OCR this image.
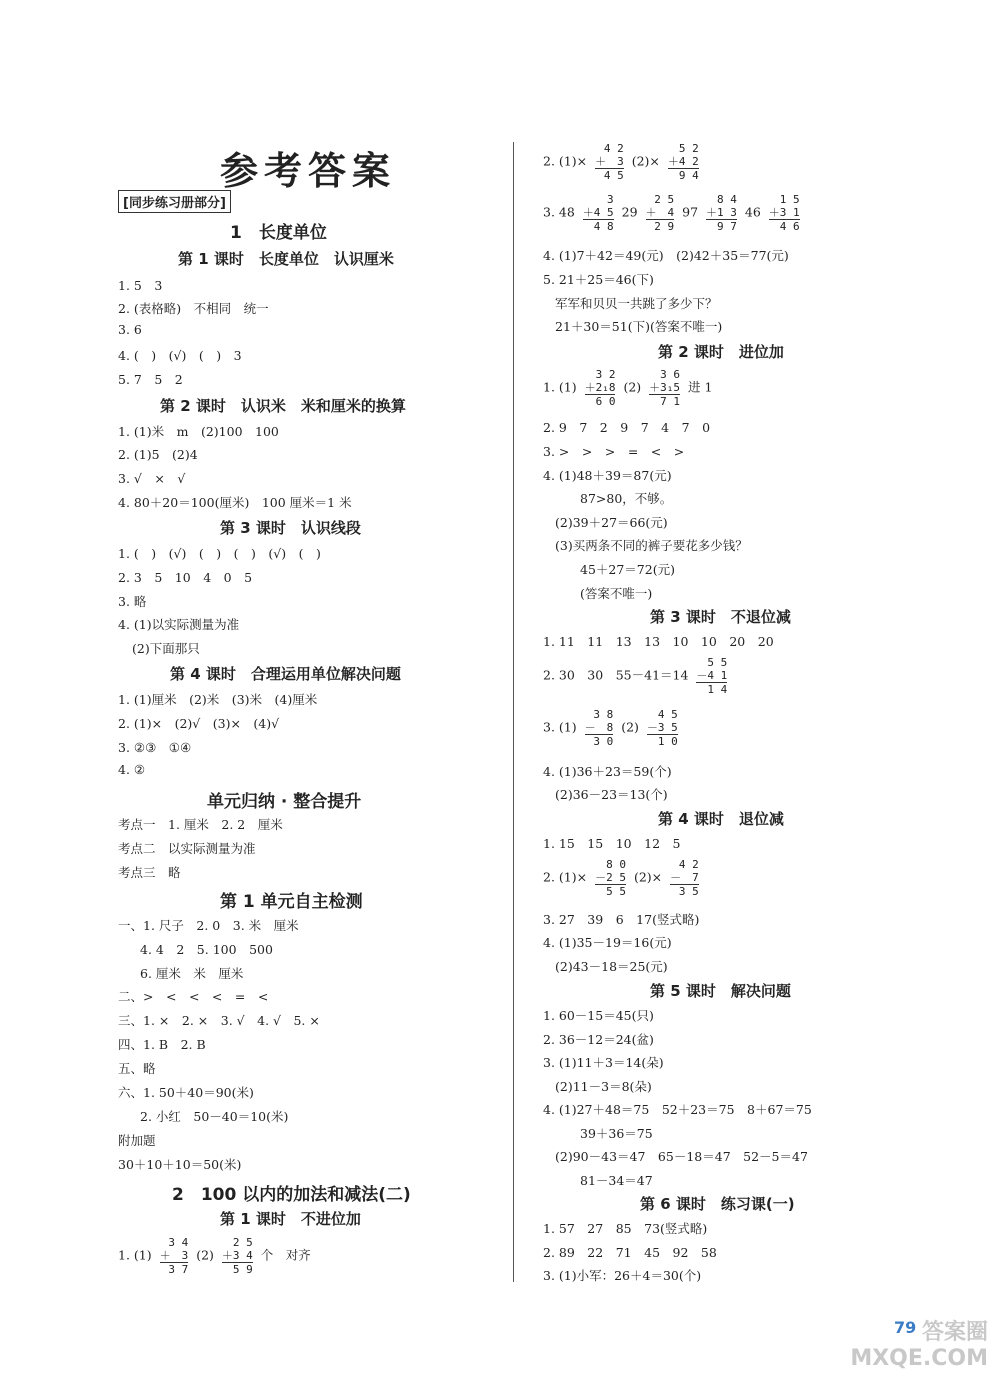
参考答案
[同步练习册部分]
1　长度单位
第 1 课时　长度单位　认识厘米
1. 5　3
2. (表格略)　不相同　统一
3. 6
4. (　)　(√)　(　)　3
5. 7　5　2
第 2 课时　认识米　米和厘米的换算
1. (1)米　m　(2)100　100
2. (1)5　(2)4
3. √　×　√
4. 80＋20＝100(厘米)　100 厘米＝1 米
第 3 课时　认识线段
1. (　)　(√)　(　)　(　)　(√)　(　)
2. 3　5　10　4　0　5
3. 略
4. (1)以实际测量为准
(2)下面那只
第 4 课时　合理运用单位解决问题
1. (1)厘米　(2)米　(3)米　(4)厘米
2. (1)×　(2)√　(3)×　(4)√
3. ②③　①④
4. ②
单元归纳 · 整合提升
考点一　1. 厘米　2. 2　厘米
考点二　以实际测量为准
考点三　略
第 1 单元自主检测
一、1. 尺子　2. 0　3. 米　厘米
4. 4　2　5. 100　500
6. 厘米　米　厘米
二、>　<　<　<　=　<
三、1. ×　2. ×　3. √　4. √　5. ×
四、1. B　2. B
五、略
六、1. 50＋40＝90(米)
2. 小红　50－40＝10(米)
附加题
30＋10＋10＝50(米)
2　100 以内的加法和减法(二)
第 1 课时　不进位加
1. (1)
3 4
＋　3
3 7
(2)
2 5
＋3 4
5 9
个　对齐
2. (1)×
4 2
＋　3
4 5
(2)×
5 2
＋4 2
9 4
3. 48
3
＋4 5
4 8
29
2 5
＋　4
2 9
97
8 4
＋1 3
9 7
46
1 5
＋3 1
4 6
4. (1)7＋42＝49(元)　(2)42＋35＝77(元)
5. 21＋25＝46(下)
军军和贝贝一共跳了多少下？
21＋30＝51(下)(答案不唯一)
第 2 课时　进位加
1. (1)
3 2
＋2₁8
6 0
(2)
3 6
＋3₁5
7 1
进 1
2. 9　7　2　9　7　4　7　0
3. >　>　>　=　<　>
4. (1)48＋39＝87(元)
87>80，不够。
(2)39＋27＝66(元)
(3)买两条不同的裤子要花多少钱？
45＋27＝72(元)
(答案不唯一)
第 3 课时　不退位减
1. 11　11　13　13　10　10　20　20
2. 30　30　55－41＝14
5 5
－4 1
1 4
3. (1)
3 8
－　8
3 0
(2)
4 5
－3 5
1 0
4. (1)36＋23＝59(个)
(2)36－23＝13(个)
第 4 课时　退位减
1. 15　15　10　12　5
2. (1)×
8 0
－2 5
5 5
(2)×
4 2
－　7
3 5
3. 27　39　6　17(竖式略)
4. (1)35－19＝16(元)
(2)43－18＝25(元)
第 5 课时　解决问题
1. 60－15＝45(只)
2. 36－12＝24(盆)
3. (1)11＋3＝14(朵)
(2)11－3＝8(朵)
4. (1)27＋48＝75　52＋23＝75　8＋67＝75
39＋36＝75
(2)90－43＝47　65－18＝47　52－5＝47
81－34＝47
第 6 课时　练习课(一)
1. 57　27　85　73(竖式略)
2. 89　22　71　45　92　58
3. (1)小军：26＋4＝30(个)
79 答案圈
MXQE.COM
